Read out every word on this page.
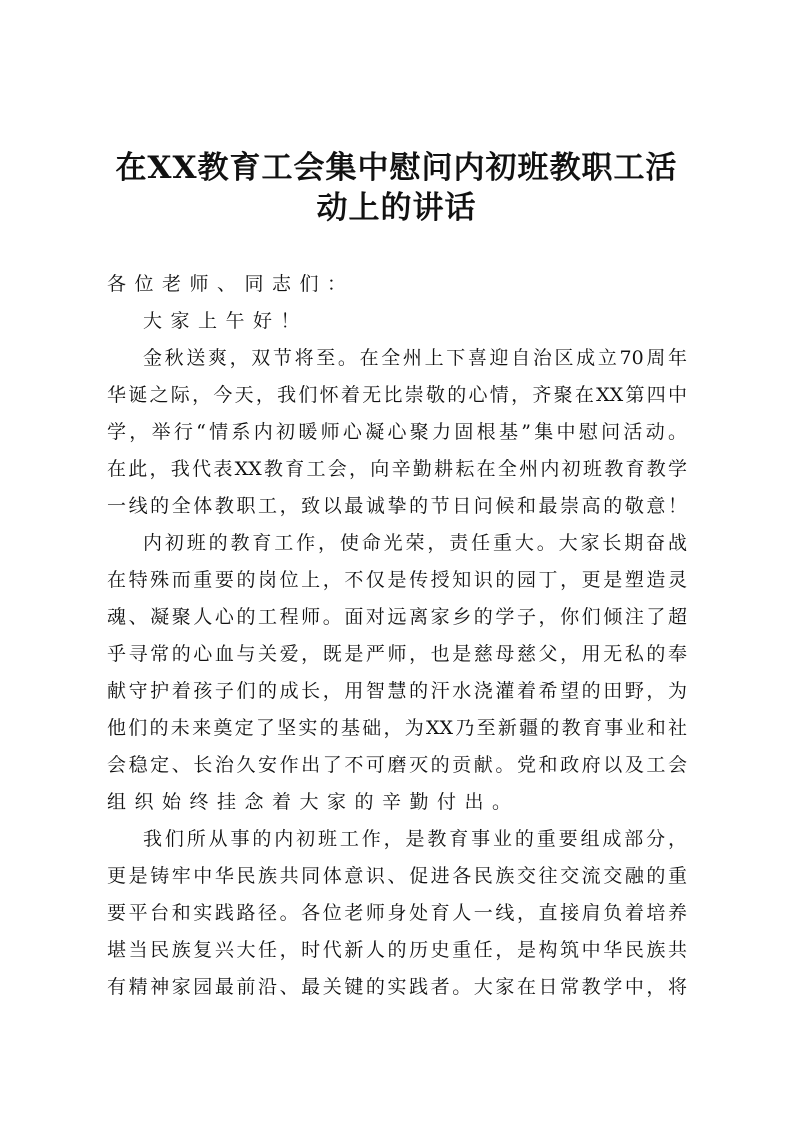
在XX教育工会集中慰问内初班教职工活
动上的讲话
各位老师、同志们：
大家上午好！
金秋送爽，双节将至。在全州上下喜迎自治区成立70周年
华诞之际，今天，我们怀着无比崇敬的心情，齐聚在XX第四中
学，举行“情系内初暖师心凝心聚力固根基”集中慰问活动。
在此，我代表XX教育工会，向辛勤耕耘在全州内初班教育教学
一线的全体教职工，致以最诚挚的节日问候和最崇高的敬意！
内初班的教育工作，使命光荣，责任重大。大家长期奋战
在特殊而重要的岗位上，不仅是传授知识的园丁，更是塑造灵
魂、凝聚人心的工程师。面对远离家乡的学子，你们倾注了超
乎寻常的心血与关爱，既是严师，也是慈母慈父，用无私的奉
献守护着孩子们的成长，用智慧的汗水浇灌着希望的田野，为
他们的未来奠定了坚实的基础，为XX乃至新疆的教育事业和社
会稳定、长治久安作出了不可磨灭的贡献。党和政府以及工会
组织始终挂念着大家的辛勤付出。
我们所从事的内初班工作，是教育事业的重要组成部分，
更是铸牢中华民族共同体意识、促进各民族交往交流交融的重
要平台和实践路径。各位老师身处育人一线，直接肩负着培养
堪当民族复兴大任，时代新人的历史重任，是构筑中华民族共
有精神家园最前沿、最关键的实践者。大家在日常教学中，将
